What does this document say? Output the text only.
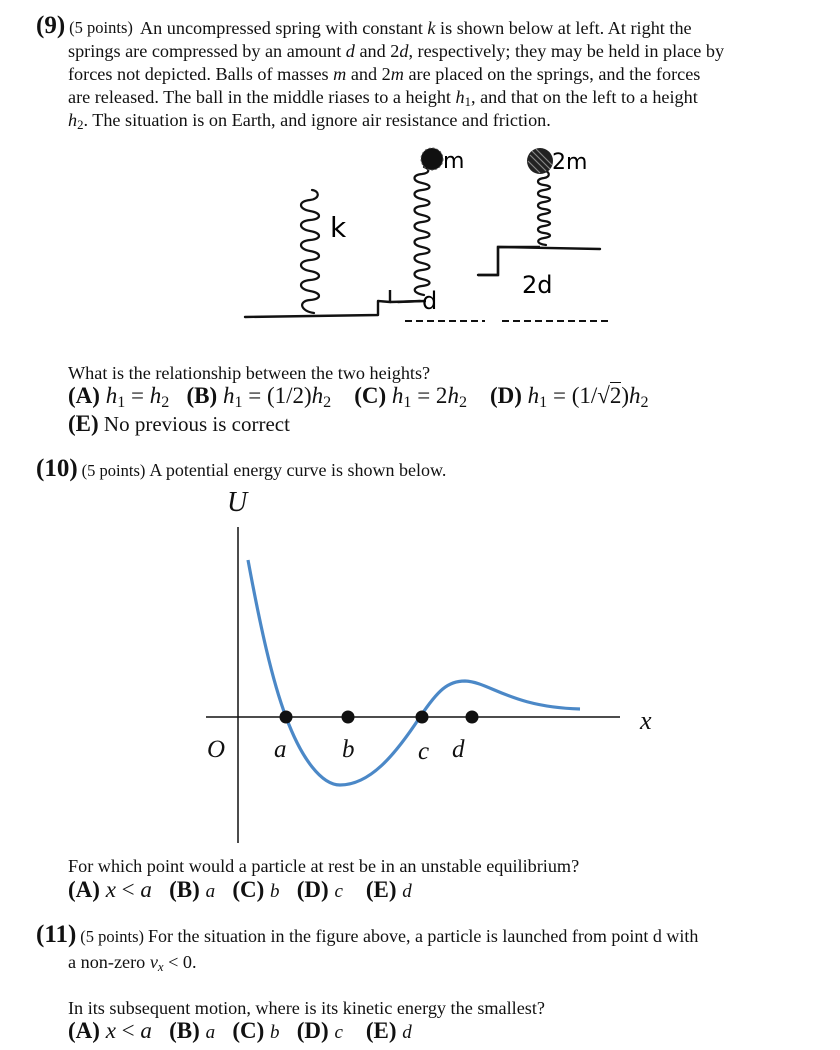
(9) (5 points) An uncompressed spring with constant k is shown below at left. At right the
springs are compressed by an amount d and 2d, respectively; they may be held in place by
forces not depicted. Balls of masses m and 2m are placed on the springs, and the forces
are released. The ball in the middle riases to a height $h_1$, and that on the left to a height
$h_2$. The situation is on Earth, and ignore air resistance and friction.
k
d
m
2d
2m
What is the relationship between the two heights?
(A) $h_1 = h_2$ (B) $h_1 = (1/2)h_2$ (C) $h_1 = 2h_2$ (D) $h_1 = (1/√2)h_2$
(E) No previous is correct
(10) (5 points) A potential energy curve is shown below.
U
x
O a b	c d
For which point would a particle at rest be in an unstable equilibrium?
(A) x < a (B) a (C) b (D) c (E) d
(11) (5 points) For the situation in the figure above, a particle is launched from point d with
a non-zero $v_x < 0$.
In its subsequent motion, where is its kinetic energy the smallest?
(A) x < a (B) a (C) b (D) c (E) d
